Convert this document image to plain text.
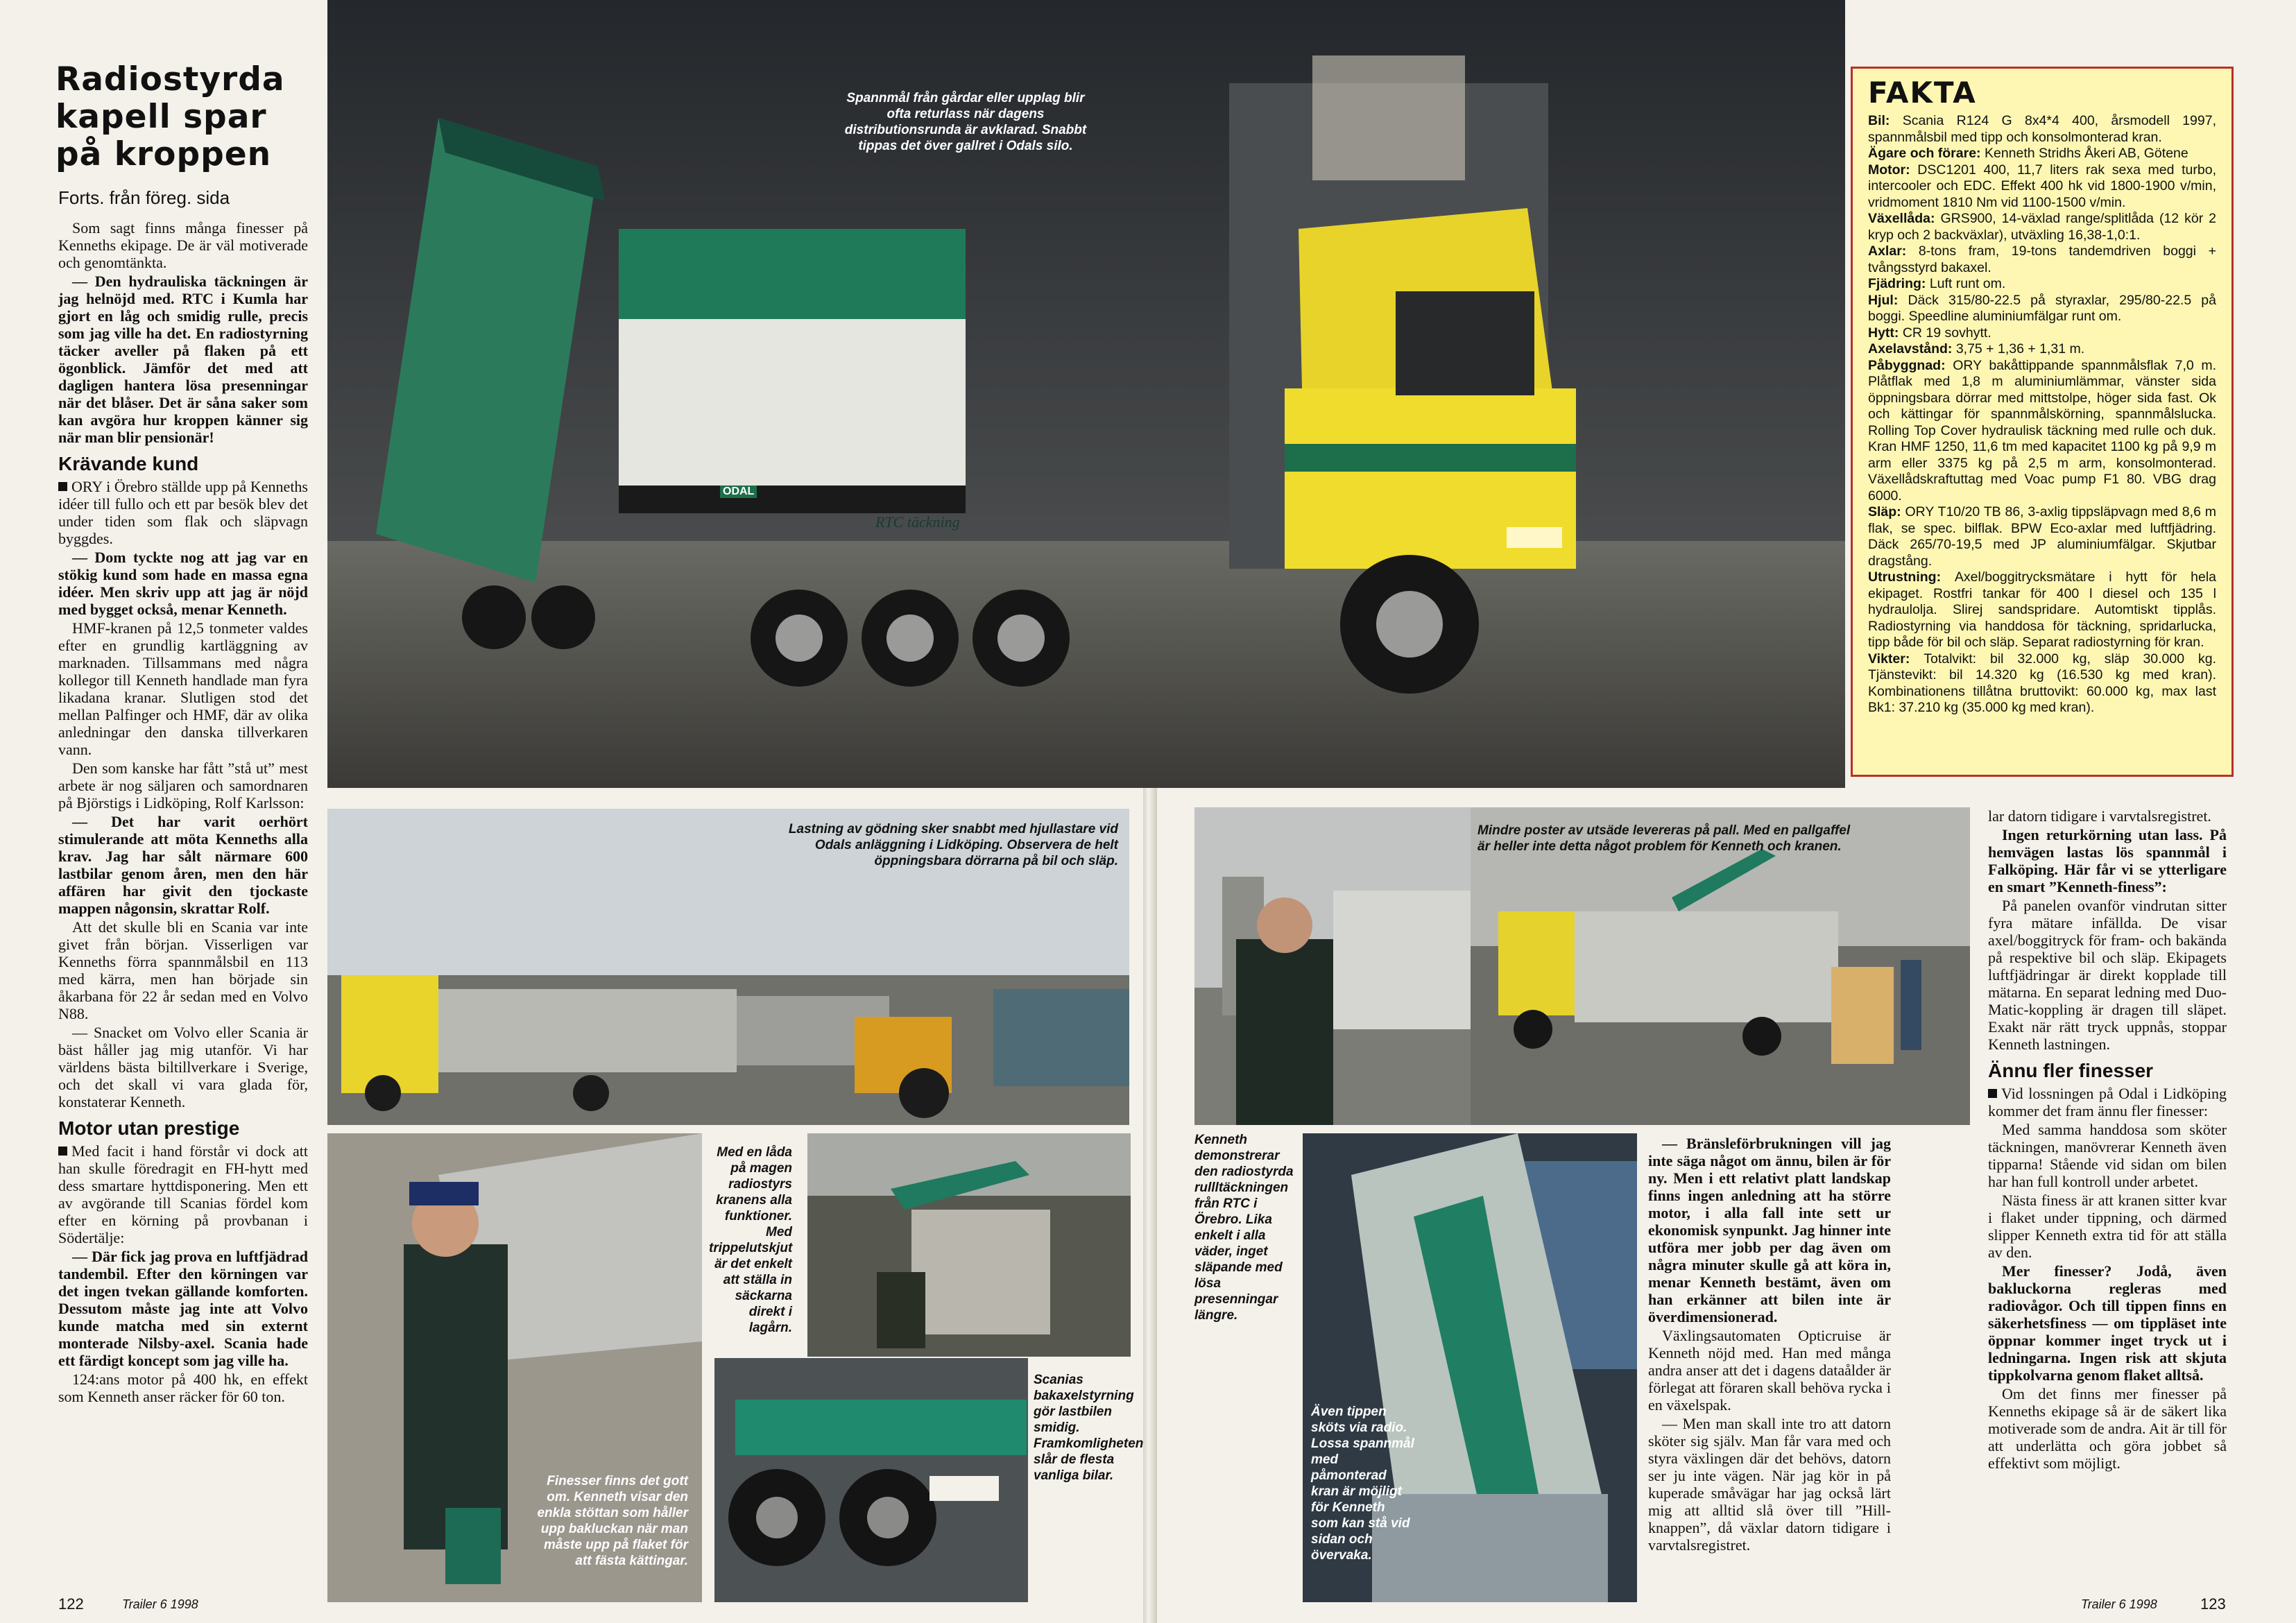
Radiostyrda kapell spar på kroppen
Forts. från föreg. sida

Som sagt finns många finesser på Kenneths ekipage. De är väl motiverade och genomtänkta.

— Den hydrauliska täckningen är jag helnöjd med. RTC i Kumla har gjort en låg och smidig rulle, precis som jag ville ha det. En radiostyrning täcker aveller på flaken på ett ögonblick. Jämför det med att dagligen hantera lösa presenningar när det blåser. Det är såna saker som kan avgöra hur kroppen känner sig när man blir pensionär!

Krävande kund

ORY i Örebro ställde upp på Kenneths idéer till fullo och ett par besök blev det under tiden som flak och släpvagn byggdes.

— Dom tyckte nog att jag var en stökig kund som hade en massa egna idéer. Men skriv upp att jag är nöjd med bygget också, menar Kenneth.

HMF-kranen på 12,5 tonmeter valdes efter en grundlig kartläggning av marknaden. Tillsammans med några kollegor till Kenneth handlade man fyra likadana kranar. Slutligen stod det mellan Palfinger och HMF, där av olika anledningar den danska tillverkaren vann.

Den som kanske har fått ”stå ut” mest arbete är nog säljaren och samordnaren på Björstigs i Lidköping, Rolf Karlsson:

— Det har varit oerhört stimulerande att möta Kenneths alla krav. Jag har sålt närmare 600 lastbilar genom åren, men den här affären har givit den tjockaste mappen någonsin, skrattar Rolf.

Att det skulle bli en Scania var inte givet från början. Visserligen var Kenneths förra spannmålsbil en 113 med kärra, men han började sin åkarbana för 22 år sedan med en Volvo N88.

— Snacket om Volvo eller Scania är bäst håller jag mig utanför. Vi har världens bästa biltillverkare i Sverige, och det skall vi vara glada för, konstaterar Kenneth.

Motor utan prestige

Med facit i hand förstår vi dock att han skulle föredragit en FH-hytt med dess smartare hyttdisponering. Men ett av avgörande till Scanias fördel kom efter en körning på provbanan i Södertälje:

— Där fick jag prova en luftfjädrad tandembil. Efter den körningen var det ingen tvekan gällande komforten. Dessutom måste jag inte att Volvo kunde matcha med sin externt monterade Nilsby-axel. Scania hade ett färdigt koncept som jag ville ha.

124:ans motor på 400 hk, en effekt som Kenneth anser räcker för 60 ton.

ODAL
RTC täckning
Spannmål från gårdar eller upplag blir ofta returlass när dagens distributionsrunda är avklarad. Snabbt tippas det över gallret i Odals silo.
FAKTA

Bil: Scania R124 G 8x4*4 400, årsmodell 1997, spannmålsbil med tipp och konsolmonterad kran.

Ägare och förare: Kenneth Stridhs Åkeri AB, Götene

Motor: DSC1201 400, 11,7 liters rak sexa med turbo, intercooler och EDC. Effekt 400 hk vid 1800-1900 v/min, vridmoment 1810 Nm vid 1100-1500 v/min.

Växellåda: GRS900, 14-växlad range/splitlåda (12 kör 2 kryp och 2 backväxlar), utväxling 16,38-1,0:1.

Axlar: 8-tons fram, 19-tons tandemdriven boggi + tvångsstyrd bakaxel.

Fjädring: Luft runt om.

Hjul: Däck 315/80-22.5 på styraxlar, 295/80-22.5 på boggi. Speedline aluminiumfälgar runt om.

Hytt: CR 19 sovhytt.

Axelavstånd: 3,75 + 1,36 + 1,31 m.

Påbyggnad: ORY bakåttippande spannmålsflak 7,0 m. Plåtflak med 1,8 m aluminiumlämmar, vänster sida öppningsbara dörrar med mittstolpe, höger sida fast. Ok och kättingar för spannmålskörning, spannmålslucka. Rolling Top Cover hydraulisk täckning med rulle och duk. Kran HMF 1250, 11,6 tm med kapacitet 1100 kg på 9,9 m arm eller 3375 kg på 2,5 m arm, konsolmonterad. Växellådskraftuttag med Voac pump F1 80. VBG drag 6000.

Släp: ORY T10/20 TB 86, 3-axlig tippsläpvagn med 8,6 m flak, se spec. bilflak. BPW Eco-axlar med luftfjädring. Däck 265/70-19,5 med JP aluminiumfälgar. Skjutbar dragstång.

Utrustning: Axel/boggitrycksmätare i hytt för hela ekipaget. Rostfri tankar för 400 l diesel och 135 l hydraulolja. Slirej sandspridare. Automtiskt tipplås. Radiostyrning via handdosa för täckning, spridarlucka, tipp både för bil och släp. Separat radiostyrning för kran.

Vikter: Totalvikt: bil 32.000 kg, släp 30.000 kg. Tjänstevikt: bil 14.320 kg (16.530 kg med kran). Kombinationens tillåtna bruttovikt: 60.000 kg, max last Bk1: 37.210 kg (35.000 kg med kran).

Lastning av gödning sker snabbt med hjullastare vid Odals anläggning i Lidköping. Observera de helt öppningsbara dörrarna på bil och släp.
Finesser finns det gott om. Kenneth visar den enkla stöttan som håller upp bakluckan när man måste upp på flaket för att fästa kättingar.
Med en låda på magen radiostyrs kranens alla funktioner. Med trippelutskjut är det enkelt att ställa in säckarna direkt i lagårn.
Scanias bakaxelstyrning gör lastbilen smidig. Framkomligheten slår de flesta vanliga bilar.
122	Trailer 6 1998
Mindre poster av utsäde levereras på pall. Med en pallgaffel är heller inte detta något problem för Kenneth och kranen.
Kenneth demonstrerar den radiostyrda rullltäckningen från RTC i Örebro. Lika enkelt i alla väder, inget släpande med lösa presenningar längre.
Även tippen sköts via radio. Lossa spannmål med påmonterad kran är möjligt för Kenneth som kan stå vid sidan och övervaka.

— Bränsleförbrukningen vill jag inte säga något om ännu, bilen är för ny. Men i ett relativt platt landskap finns ingen anledning att ha större motor, i alla fall inte sett ur ekonomisk synpunkt. Jag hinner inte utföra mer jobb per dag även om några minuter skulle gå att köra in, menar Kenneth bestämt, även om han erkänner att bilen inte är överdimensionerad.

Växlingsautomaten Opticruise är Kenneth nöjd med. Han med många andra anser att det i dagens dataålder är förlegat att föraren skall behöva rycka i en växelspak.

— Men man skall inte tro att datorn sköter sig själv. Man får vara med och styra växlingen där det behövs, datorn ser ju inte vägen. När jag kör in på kuperade småvägar har jag också lärt mig att alltid slå över till ”Hill-knappen”, då växlar datorn tidigare i varvtalsregistret.

lar datorn tidigare i varvtalsregistret.

Ingen returkörning utan lass. På hemvägen lastas lös spannmål i Falköping. Här får vi se ytterligare en smart ”Kenneth-finess”:

På panelen ovanför vindrutan sitter fyra mätare infällda. De visar axel/boggitryck för fram- och bakända på respektive bil och släp. Ekipagets luftfjädringar är direkt kopplade till mätarna. En separat ledning med Duo-Matic-koppling är dragen till släpet. Exakt när rätt tryck uppnås, stoppar Kenneth lastningen.

Ännu fler finesser

Vid lossningen på Odal i Lidköping kommer det fram ännu fler finesser:

Med samma handdosa som sköter täckningen, manövrerar Kenneth även tipparna! Stående vid sidan om bilen har han full kontroll under arbetet.

Nästa finess är att kranen sitter kvar i flaket under tippning, och därmed slipper Kenneth extra tid för att ställa av den.

Mer finesser? Jodå, även bakluckorna regleras med radiovågor. Och till tippen finns en säkerhetsfiness — om tippläset inte öppnar kommer inget tryck ut i ledningarna. Ingen risk att skjuta tippkolvarna genom flaket alltså.

Om det finns mer finesser på Kenneths ekipage så är de säkert lika motiverade som de andra. Ait är till för att underlätta och göra jobbet så effektivt som möjligt.

Trailer 6 1998	123
